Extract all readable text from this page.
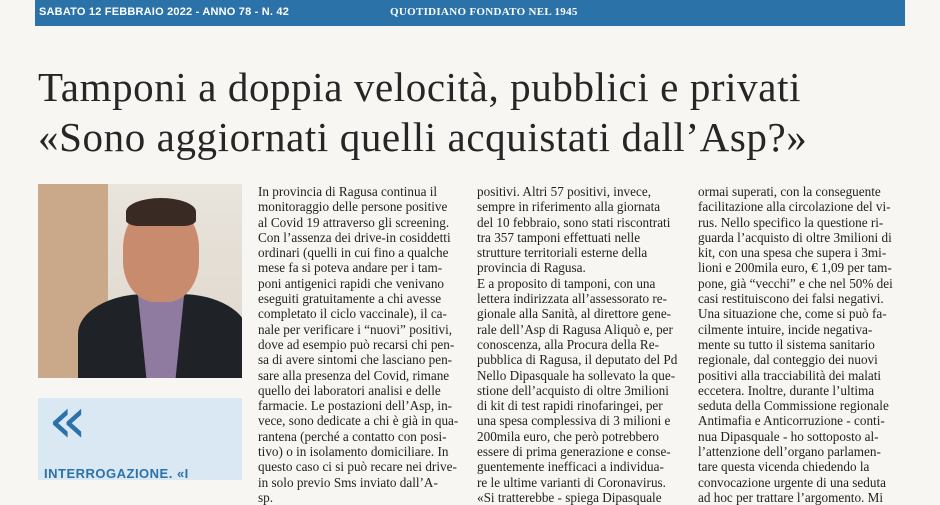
SABATO 12 FEBBRAIO 2022 - ANNO 78 - N. 42	QUOTIDIANO FONDATO NEL 1945
Tamponi a doppia velocità, pubblici e privati
«Sono aggiornati quelli acquistati dall’Asp?»
«
INTERROGAZIONE. «I
In provincia di Ragusa continua il
monitoraggio delle persone positive
al Covid 19 attraverso gli screening.
Con l’assenza dei drive-in cosiddetti
ordinari (quelli in cui fino a qualche
mese fa si poteva andare per i tam-
poni antigenici rapidi che venivano
eseguiti gratuitamente a chi avesse
completato il ciclo vaccinale), il ca-
nale per verificare i “nuovi” positivi,
dove ad esempio può recarsi chi pen-
sa di avere sintomi che lasciano pen-
sare alla presenza del Covid, rimane
quello dei laboratori analisi e delle
farmacie. Le postazioni dell’Asp, in-
vece, sono dedicate a chi è già in qua-
rantena (perché a contatto con posi-
tivo) o in isolamento domiciliare. In
questo caso ci si può recare nei drive-
in solo previo Sms inviato dall’A-
sp.
positivi. Altri 57 positivi, invece,
sempre in riferimento alla giornata
del 10 febbraio, sono stati riscontrati
tra 357 tamponi effettuati nelle
strutture territoriali esterne della
provincia di Ragusa.
E a proposito di tamponi, con una
lettera indirizzata all’assessorato re-
gionale alla Sanità, al direttore gene-
rale dell’Asp di Ragusa Aliquò e, per
conoscenza, alla Procura della Re-
pubblica di Ragusa, il deputato del Pd
Nello Dipasquale ha sollevato la que-
stione dell’acquisto di oltre 3milioni
di kit di test rapidi rinofaringei, per
una spesa complessiva di 3 milioni e
200mila euro, che però potrebbero
essere di prima generazione e conse-
guentemente inefficaci a individua-
re le ultime varianti di Coronavirus.
«Si tratterebbe - spiega Dipasquale
ormai superati, con la conseguente
facilitazione alla circolazione del vi-
rus. Nello specifico la questione ri-
guarda l’acquisto di oltre 3milioni di
kit, con una spesa che supera i 3mi-
lioni e 200mila euro, € 1,09 per tam-
pone, già “vecchi” e che nel 50% dei
casi restituiscono dei falsi negativi.
Una situazione che, come si può fa-
cilmente intuire, incide negativa-
mente su tutto il sistema sanitario
regionale, dal conteggio dei nuovi
positivi alla tracciabilità dei malati
eccetera. Inoltre, durante l’ultima
seduta della Commissione regionale
Antimafia e Anticorruzione - conti-
nua Dipasquale - ho sottoposto al-
l’attenzione dell’organo parlamen-
tare questa vicenda chiedendo la
convocazione urgente di una seduta
ad hoc per trattare l’argomento. Mi
